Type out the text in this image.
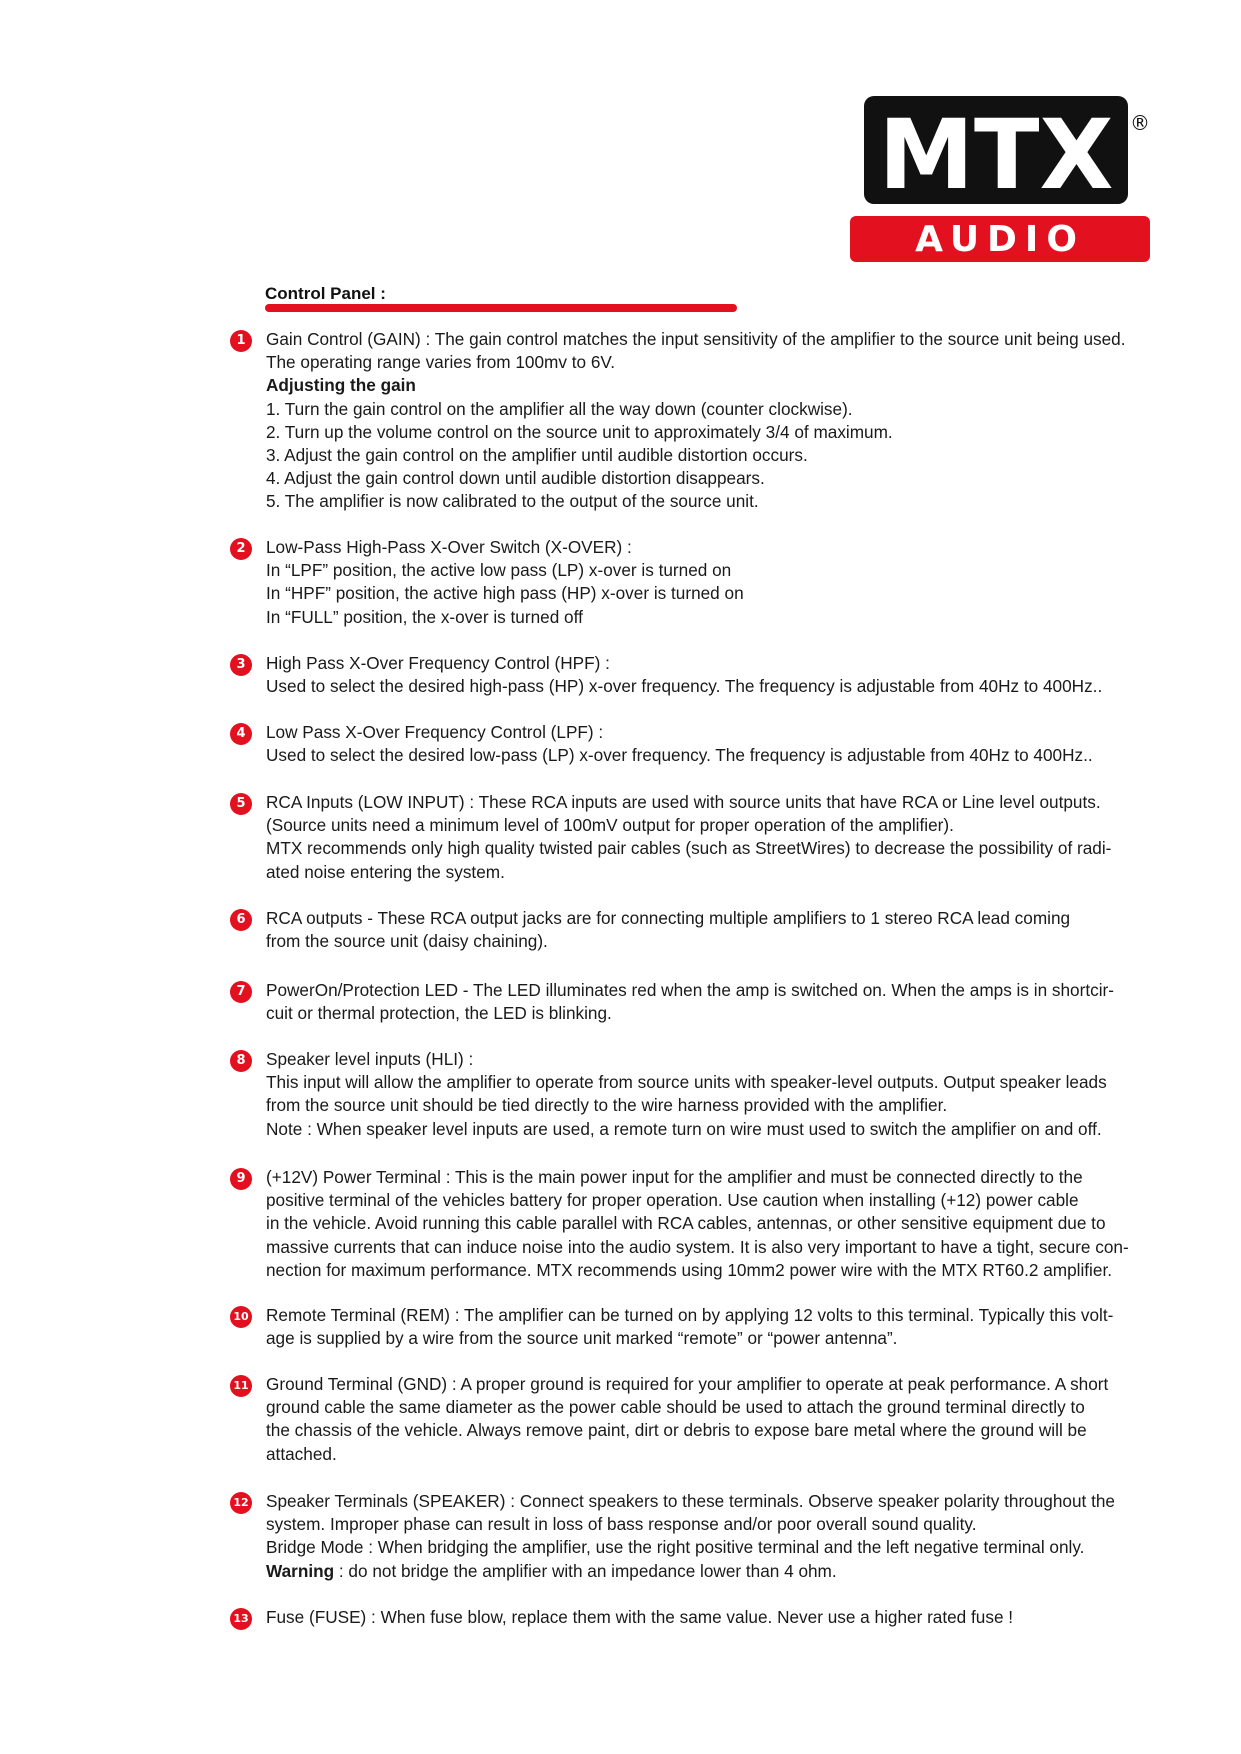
MTX ®
AUDIO
Control Panel :
1	Gain Control (GAIN) : The gain control matches the input sensitivity of the amplifier to the source unit being used.

The operating range varies from 100mv to 6V.

Adjusting the gain

1. Turn the gain control on the amplifier all the way down (counter clockwise).

2. Turn up the volume control on the source unit to approximately 3/4 of maximum.

3. Adjust the gain control on the amplifier until audible distortion occurs.

4. Adjust the gain control down until audible distortion disappears.

5. The amplifier is now calibrated to the output of the source unit.

2	Low-Pass High-Pass X-Over Switch (X-OVER) :

In “LPF” position, the active low pass (LP) x-over is turned on

In “HPF” position, the active high pass (HP) x-over is turned on

In “FULL” position, the x-over is turned off

3	High Pass X-Over Frequency Control (HPF) :

Used to select the desired high-pass (HP) x-over frequency. The frequency is adjustable from 40Hz to 400Hz..

4	Low Pass X-Over Frequency Control (LPF) :

Used to select the desired low-pass (LP) x-over frequency. The frequency is adjustable from 40Hz to 400Hz..

5	RCA Inputs (LOW INPUT) : These RCA inputs are used with source units that have RCA or Line level outputs.

(Source units need a minimum level of 100mV output for proper operation of the amplifier).

MTX recommends only high quality twisted pair cables (such as StreetWires) to decrease the possibility of radi-

ated noise entering the system.

6	RCA outputs - These RCA output jacks are for connecting multiple amplifiers to 1 stereo RCA lead coming

from the source unit (daisy chaining).

7	PowerOn/Protection LED - The LED illuminates red when the amp is switched on. When the amps is in shortcir-

cuit or thermal protection, the LED is blinking.

8	Speaker level inputs (HLI) :

This input will allow the amplifier to operate from source units with speaker-level outputs. Output speaker leads

from the source unit should be tied directly to the wire harness provided with the amplifier.

Note : When speaker level inputs are used, a remote turn on wire must used to switch the amplifier on and off.

9	(+12V) Power Terminal : This is the main power input for the amplifier and must be connected directly to the

positive terminal of the vehicles battery for proper operation. Use caution when installing (+12) power cable

in the vehicle. Avoid running this cable parallel with RCA cables, antennas, or other sensitive equipment due to

massive currents that can induce noise into the audio system. It is also very important to have a tight, secure con-

nection for maximum performance. MTX recommends using 10mm2 power wire with the MTX RT60.2 amplifier.

10 Remote Terminal (REM) : The amplifier can be turned on by applying 12 volts to this terminal. Typically this volt-

age is supplied by a wire from the source unit marked “remote” or “power antenna”.

11 Ground Terminal (GND) : A proper ground is required for your amplifier to operate at peak performance. A short

ground cable the same diameter as the power cable should be used to attach the ground terminal directly to

the chassis of the vehicle. Always remove paint, dirt or debris to expose bare metal where the ground will be

attached.

12 Speaker Terminals (SPEAKER) : Connect speakers to these terminals. Observe speaker polarity throughout the

system. Improper phase can result in loss of bass response and/or poor overall sound quality.

Bridge Mode : When bridging the amplifier, use the right positive terminal and the left negative terminal only.

Warning : do not bridge the amplifier with an impedance lower than 4 ohm.

13 Fuse (FUSE) : When fuse blow, replace them with the same value. Never use a higher rated fuse !
